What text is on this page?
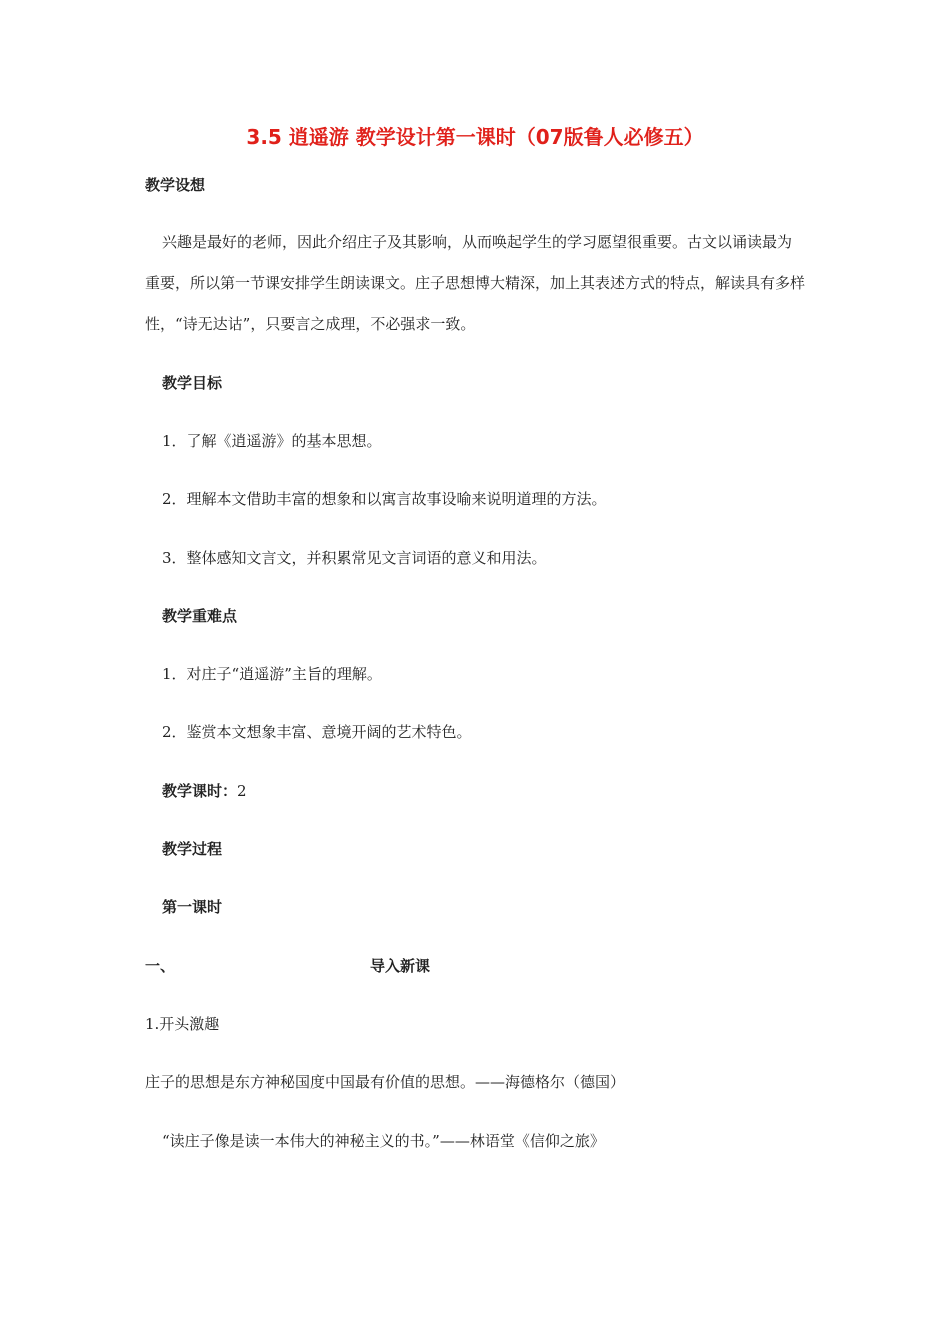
3.5 逍遥游 教学设计第一课时（07版鲁人必修五）
教学设想
兴趣是最好的老师，因此介绍庄子及其影响，从而唤起学生的学习愿望很重要。古文以诵读最为重要，所以第一节课安排学生朗读课文。庄子思想博大精深，加上其表述方式的特点，解读具有多样性，“诗无达诂”，只要言之成理，不必强求一致。
教学目标
1．了解《逍遥游》的基本思想。
2．理解本文借助丰富的想象和以寓言故事设喻来说明道理的方法。
3．整体感知文言文，并积累常见文言词语的意义和用法。
教学重难点
1．对庄子“逍遥游”主旨的理解。
2．鉴赏本文想象丰富、意境开阔的艺术特色。
教学课时：2
教学过程
第一课时
一、	导入新课
1.开头激趣
庄子的思想是东方神秘国度中国最有价值的思想。——海德格尔（德国）
“读庄子像是读一本伟大的神秘主义的书。”——林语堂《信仰之旅》
